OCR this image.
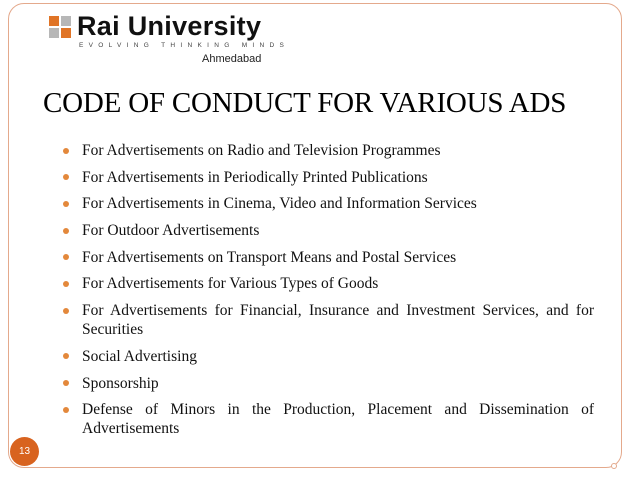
Rai University
EVOLVING THINKING MINDS
Ahmedabad
CODE OF CONDUCT FOR VARIOUS ADS
For Advertisements on Radio and Television Programmes
For Advertisements in Periodically Printed Publications
For Advertisements in Cinema, Video and Information Services
For Outdoor Advertisements
For Advertisements on Transport Means and Postal Services
For Advertisements for Various Types of Goods
For Advertisements for Financial, Insurance and Investment Services, and for Securities
Social Advertising
Sponsorship
Defense of Minors in the Production, Placement and Dissemination of Advertisements
13
